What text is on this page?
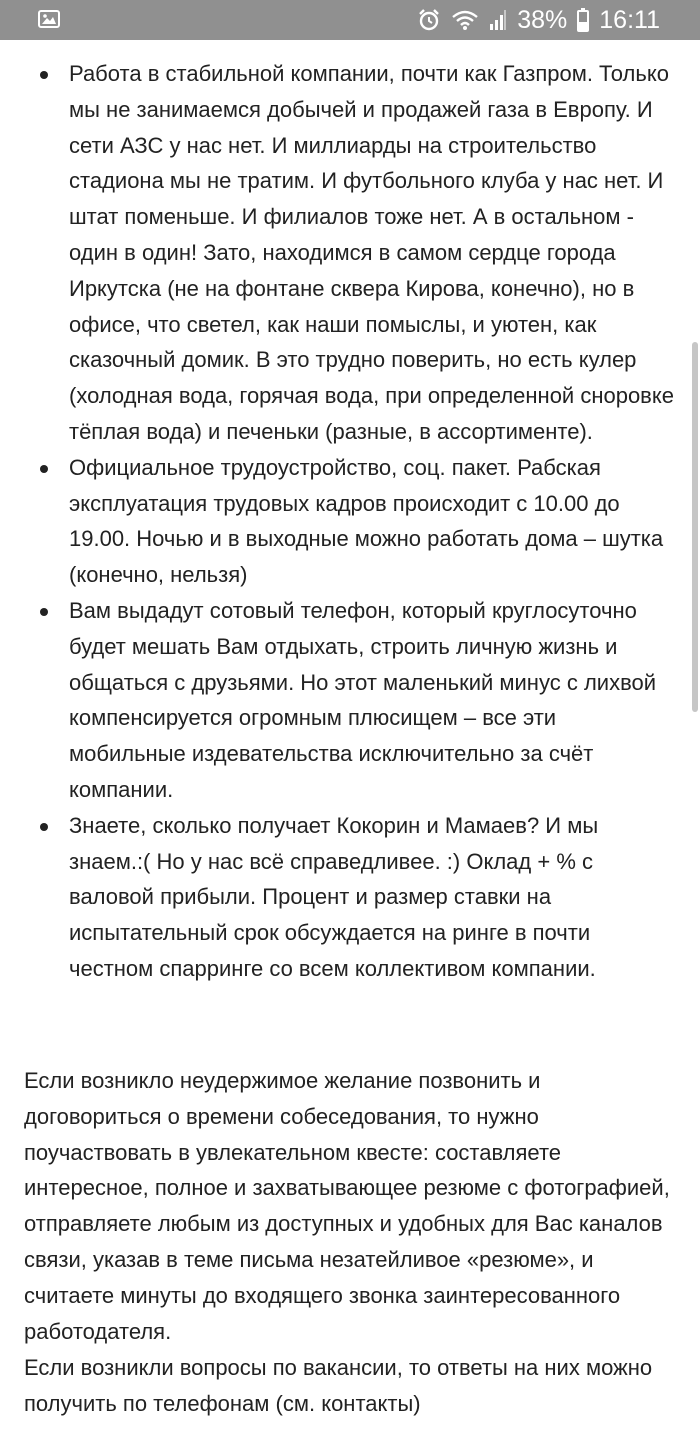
38% 16:11
Работа в стабильной компании, почти как Газпром. Только мы не занимаемся добычей и продажей газа в Европу. И сети АЗС у нас нет. И миллиарды на строительство стадиона мы не тратим. И футбольного клуба у нас нет. И штат поменьше. И филиалов тоже нет. А в остальном - один в один! Зато, находимся в самом сердце города Иркутска (не на фонтане сквера Кирова, конечно), но в офисе, что светел, как наши помыслы, и уютен, как сказочный домик. В это трудно поверить, но есть кулер (холодная вода, горячая вода, при определенной сноровке тёплая вода) и печеньки (разные, в ассортименте).
Официальное трудоустройство, соц. пакет. Рабская эксплуатация трудовых кадров происходит с 10.00 до 19.00. Ночью и в выходные можно работать дома – шутка (конечно, нельзя)
Вам выдадут сотовый телефон, который круглосуточно будет мешать Вам отдыхать, строить личную жизнь и общаться с друзьями. Но этот маленький минус с лихвой компенсируется огромным плюсищем – все эти мобильные издевательства исключительно за счёт компании.
Знаете, сколько получает Кокорин и Мамаев? И мы знаем.:( Но у нас всё справедливее. :) Оклад + % с валовой прибыли. Процент и размер ставки на испытательный срок обсуждается на ринге в почти честном спарринге со всем коллективом компании.

Если возникло неудержимое желание позвонить и договориться о времени собеседования, то нужно поучаствовать в увлекательном квесте: составляете интересное, полное и захватывающее резюме с фотографией, отправляете любым из доступных и удобных для Вас каналов связи, указав в теме письма незатейливое «резюме», и считаете минуты до входящего звонка заинтересованного работодателя.

Если возникли вопросы по вакансии, то ответы на них можно получить по телефонам (см. контакты)
